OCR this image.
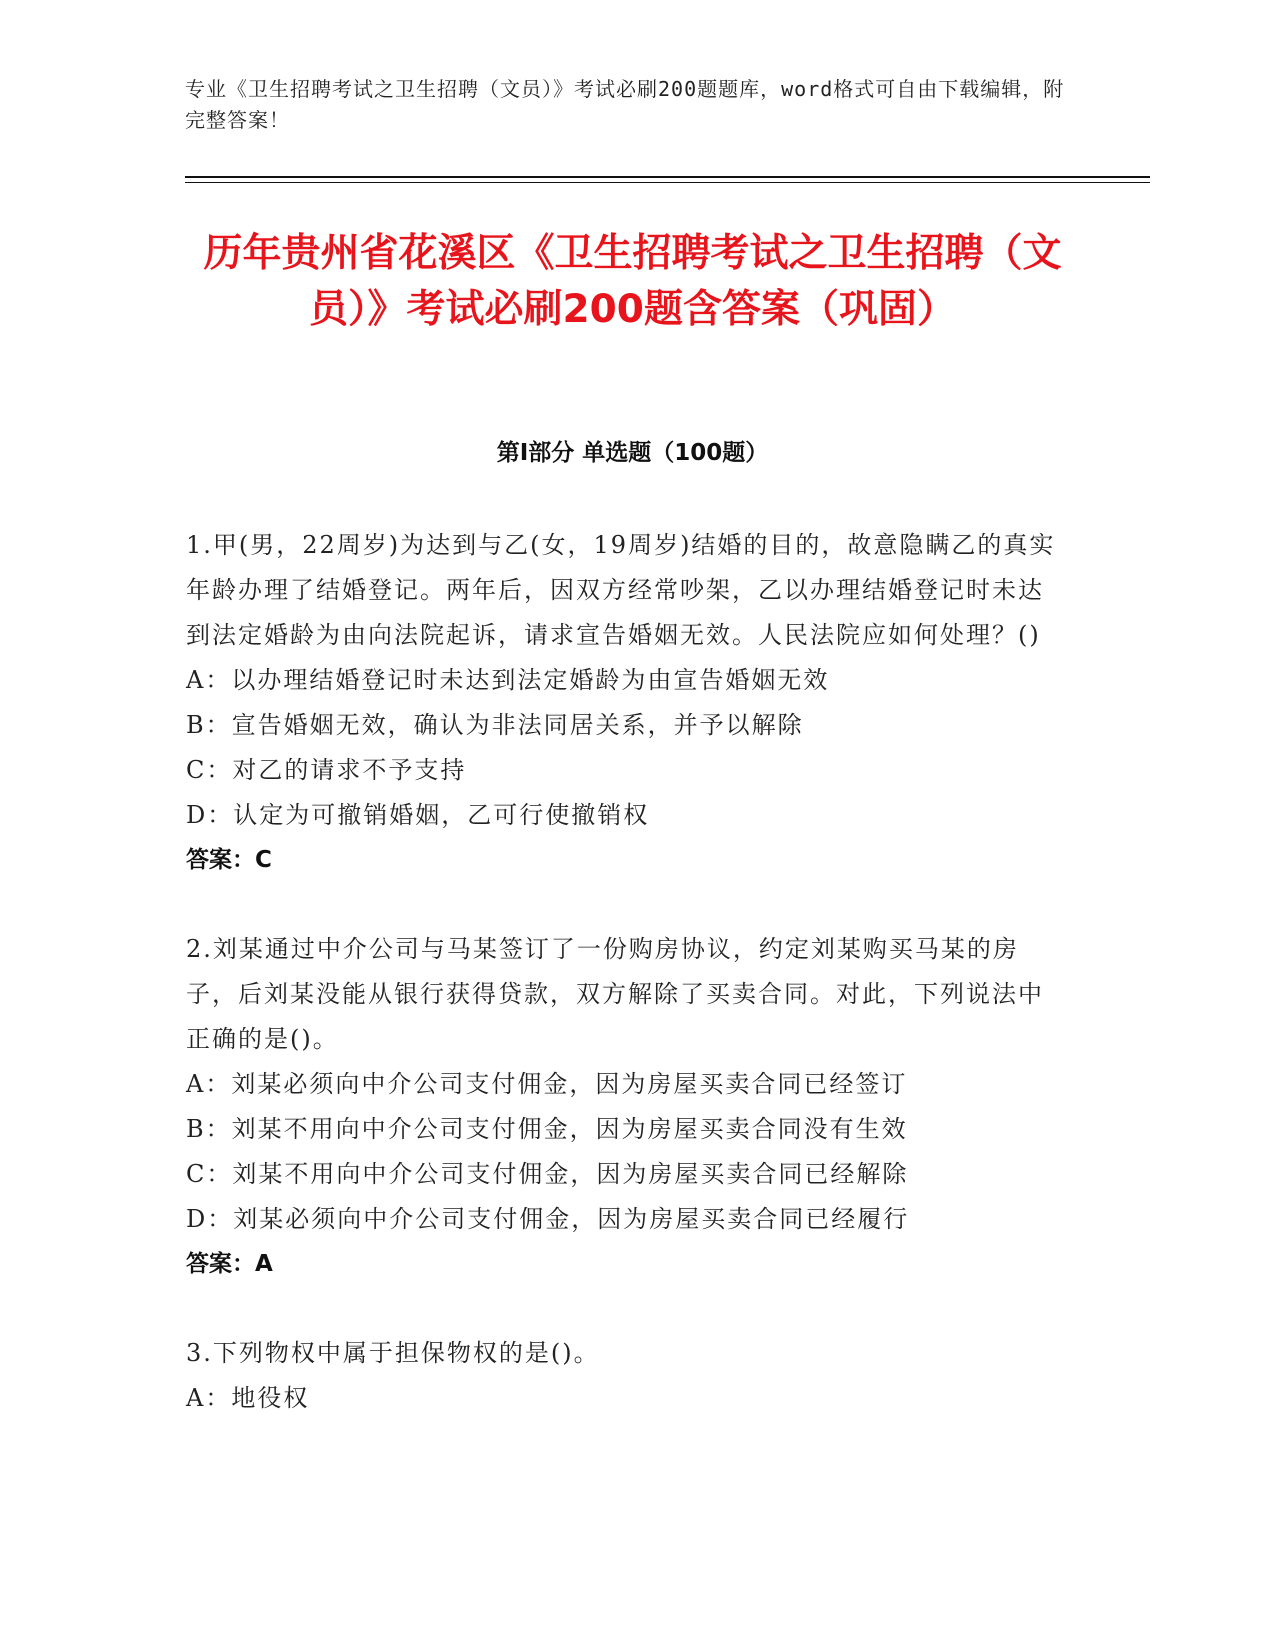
专业《卫生招聘考试之卫生招聘（文员）》考试必刷200题题库，word格式可自由下载编辑，附完整答案！
历年贵州省花溪区《卫生招聘考试之卫生招聘（文员）》考试必刷200题含答案（巩固）
第I部分 单选题（100题）
1.甲(男，22周岁)为达到与乙(女，19周岁)结婚的目的，故意隐瞒乙的真实年龄办理了结婚登记。两年后，因双方经常吵架，乙以办理结婚登记时未达到法定婚龄为由向法院起诉，请求宣告婚姻无效。人民法院应如何处理？()
A：以办理结婚登记时未达到法定婚龄为由宣告婚姻无效
B：宣告婚姻无效，确认为非法同居关系，并予以解除
C：对乙的请求不予支持
D：认定为可撤销婚姻，乙可行使撤销权
答案：C
2.刘某通过中介公司与马某签订了一份购房协议，约定刘某购买马某的房子，后刘某没能从银行获得贷款，双方解除了买卖合同。对此，下列说法中正确的是()。
A：刘某必须向中介公司支付佣金，因为房屋买卖合同已经签订
B：刘某不用向中介公司支付佣金，因为房屋买卖合同没有生效
C：刘某不用向中介公司支付佣金，因为房屋买卖合同已经解除
D：刘某必须向中介公司支付佣金，因为房屋买卖合同已经履行
答案：A
3.下列物权中属于担保物权的是()。
A：地役权
